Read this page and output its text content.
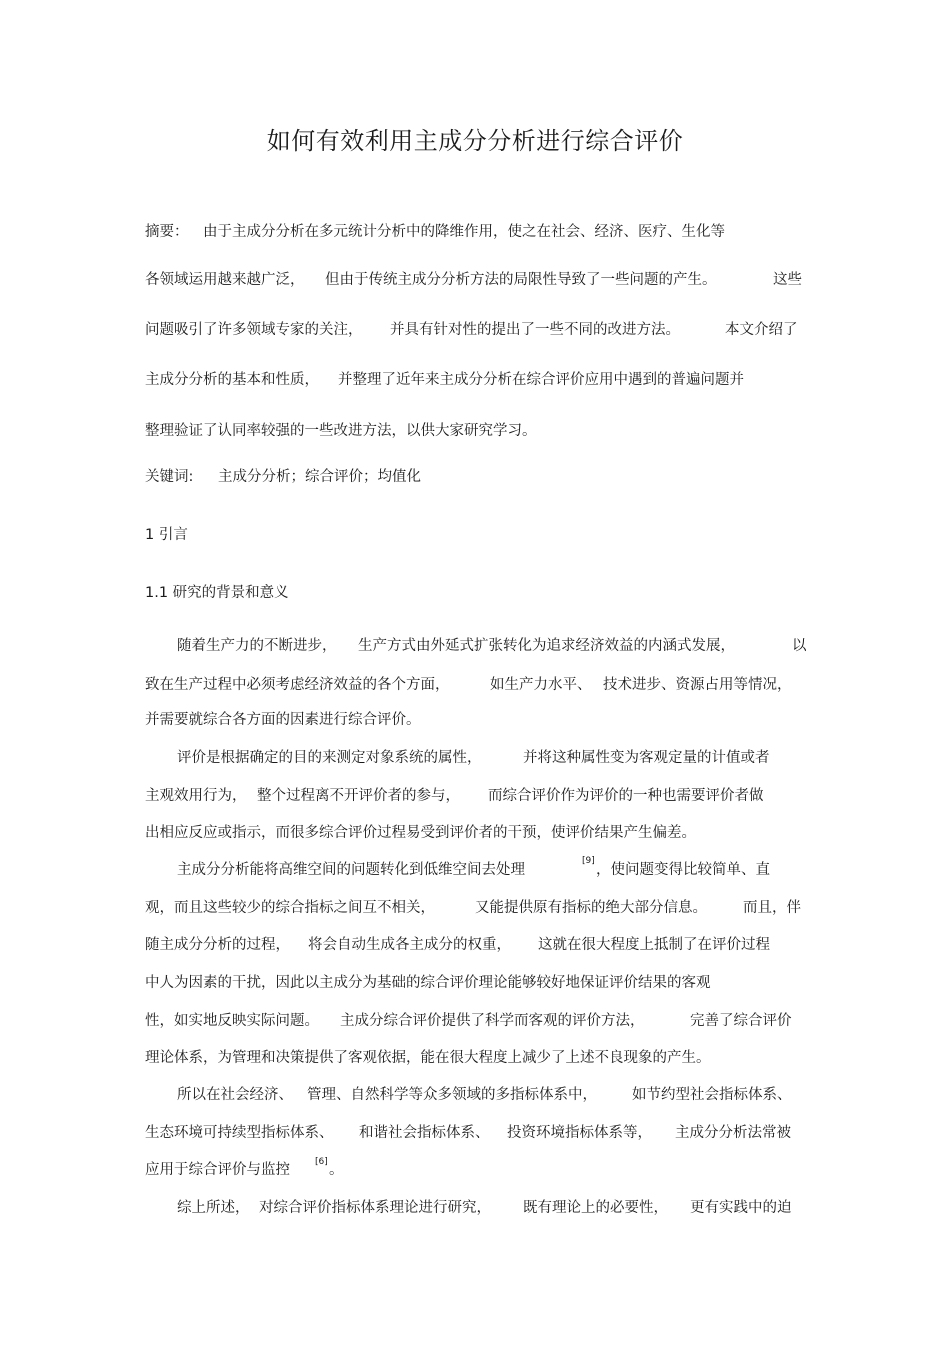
如何有效利用主成分分析进行综合评价
摘要： 由于主成分分析在多元统计分析中的降维作用，使之在社会、经济、医疗、生化等
各领域运用越来越广泛， 但由于传统主成分分析方法的局限性导致了一些问题的产生。	这些
问题吸引了许多领域专家的关注， 并具有针对性的提出了一些不同的改进方法。	本文介绍了
主成分分析的基本和性质， 并整理了近年来主成分分析在综合评价应用中遇到的普遍问题并
整理验证了认同率较强的一些改进方法，以供大家研究学习。
关键词: 主成分分析；综合评价；均值化
1 引言
1.1 研究的背景和意义
随着生产力的不断进步， 生产方式由外延式扩张转化为追求经济效益的内涵式发展，	以
致在生产过程中必须考虑经济效益的各个方面，	如生产力水平、 技术进步、资源占用等情况，
并需要就综合各方面的因素进行综合评价。
评价是根据确定的目的来测定对象系统的属性，	并将这种属性变为客观定量的计值或者
主观效用行为， 整个过程离不开评价者的参与， 而综合评价作为评价的一种也需要评价者做
出相应反应或指示，而很多综合评价过程易受到评价者的干预，使评价结果产生偏差。
主成分分析能将高维空间的问题转化到低维空间去处理
[9]
，使问题变得比较简单、直
观，而且这些较少的综合指标之间互不相关，	又能提供原有指标的绝大部分信息。 而且，伴
随主成分分析的过程， 将会自动生成各主成分的权重， 这就在很大程度上抵制了在评价过程
中人为因素的干扰，因此以主成分为基础的综合评价理论能够较好地保证评价结果的客观
性，如实地反映实际问题。 主成分综合评价提供了科学而客观的评价方法，	完善了综合评价
理论体系，为管理和决策提供了客观依据，能在很大程度上减少了上述不良现象的产生。
所以在社会经济、 管理、自然科学等众多领域的多指标体系中， 如节约型社会指标体系、
生态环境可持续型指标体系、 和谐社会指标体系、 投资环境指标体系等， 主成分分析法常被
应用于综合评价与监控	[6] 。
综上所述， 对综合评价指标体系理论进行研究， 既有理论上的必要性， 更有实践中的迫
